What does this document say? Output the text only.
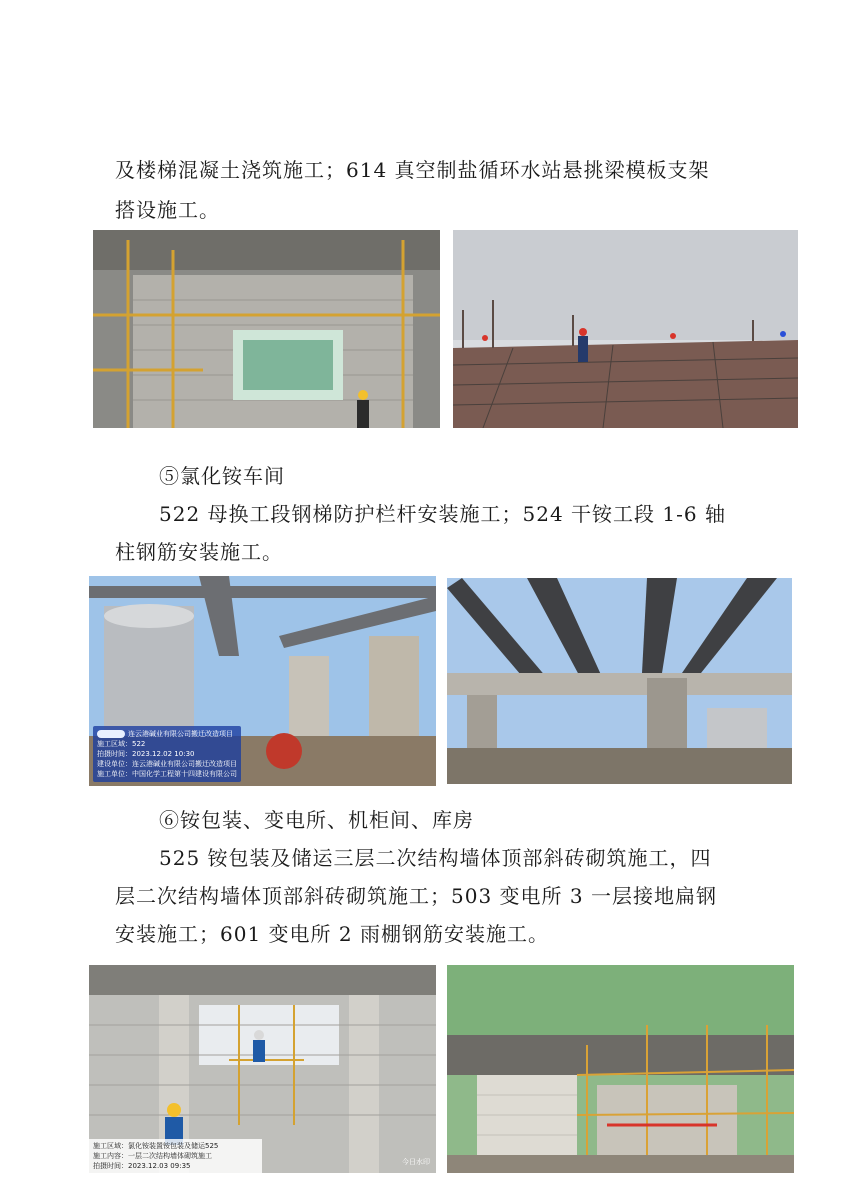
及楼梯混凝土浇筑施工；614 真空制盐循环水站悬挑梁模板支架
搭设施工。
⑤氯化铵车间
522 母换工段钢梯防护栏杆安装施工；524 干铵工段 1-6 轴
柱钢筋安装施工。
连云港碱业有限公司搬迁改造项目
施工区域：522
拍摄时间：2023.12.02 10:30
建设单位：连云港碱业有限公司搬迁改造项目
施工单位：中国化学工程第十四建设有限公司
⑥铵包装、变电所、机柜间、库房
525 铵包装及储运三层二次结构墙体顶部斜砖砌筑施工，四
层二次结构墙体顶部斜砖砌筑施工；503 变电所 3 一层接地扁钢
安装施工；601 变电所 2 雨棚钢筋安装施工。
施工区域：氯化铵装置铵包装及储运525
施工内容：一层二次结构墙体砌筑施工
拍摄时间：2023.12.03 09:35	今日水印
